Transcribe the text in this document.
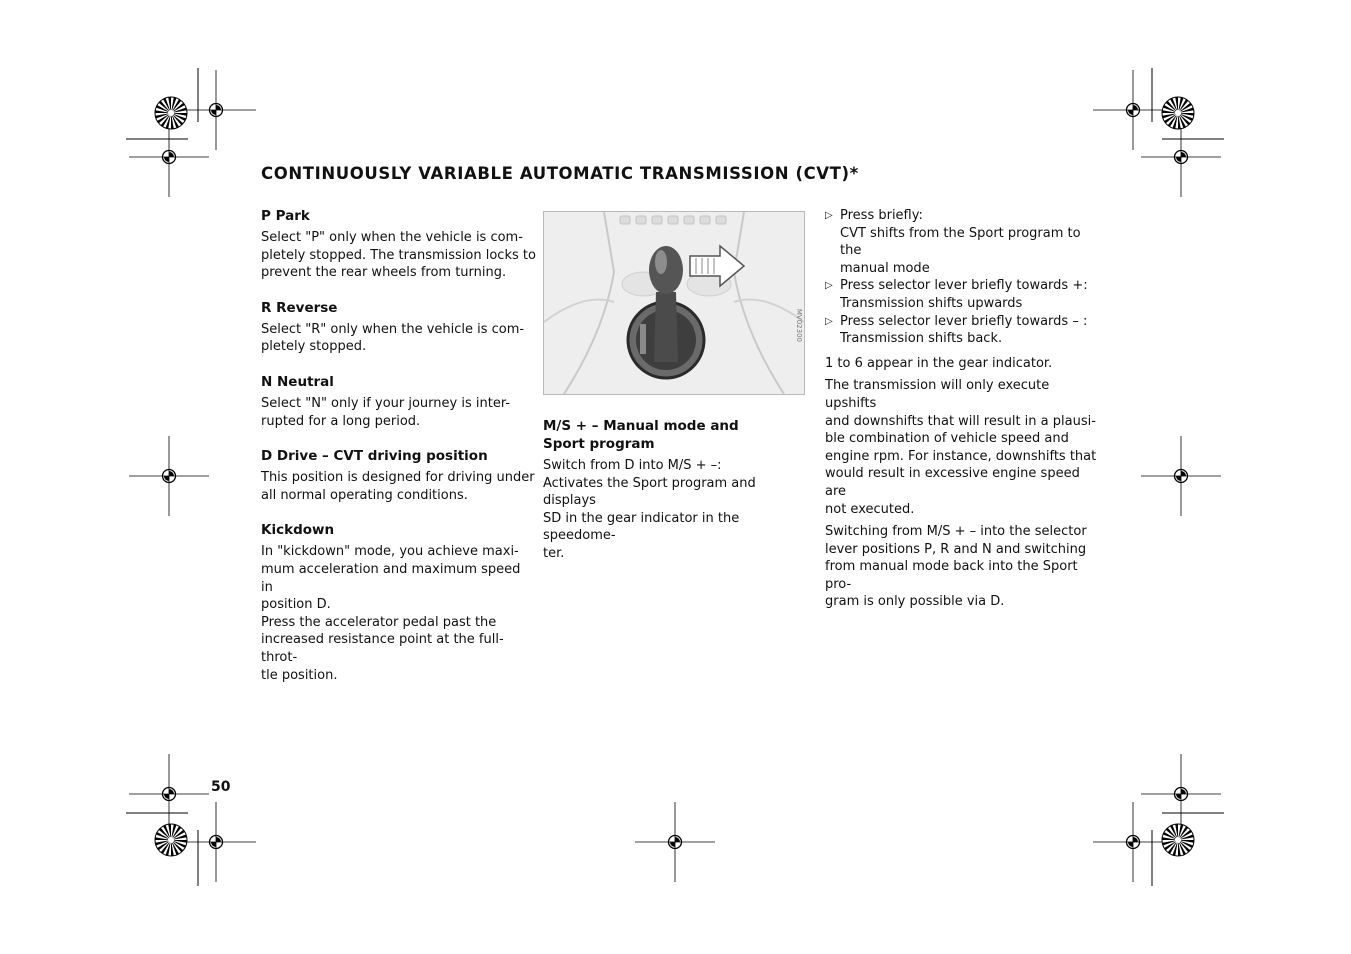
CONTINUOUSLY VARIABLE AUTOMATIC TRANSMISSION (CVT)*
P Park

Select "P" only when the vehicle is com-
pletely stopped. The transmission locks to
prevent the rear wheels from turning.

R Reverse

Select "R" only when the vehicle is com-
pletely stopped.

N Neutral

Select "N" only if your journey is inter-
rupted for a long period.

D Drive – CVT driving position

This position is designed for driving under
all normal operating conditions.

Kickdown

In "kickdown" mode, you achieve maxi-
mum acceleration and maximum speed in
position D.
Press the accelerator pedal past the
increased resistance point at the full-throt-
tle position.

MV02300
M/S + – Manual mode and
Sport program

Switch from D into M/S + –:
Activates the Sport program and displays
SD in the gear indicator in the speedome-
ter.

▷ Press briefly:
CVT shifts from the Sport program to the
manual mode
▷ Press selector lever briefly towards +:
Transmission shifts upwards
▷ Press selector lever briefly towards – :
Transmission shifts back.

1 to 6 appear in the gear indicator.

The transmission will only execute upshifts
and downshifts that will result in a plausi-
ble combination of vehicle speed and
engine rpm. For instance, downshifts that
would result in excessive engine speed are
not executed.

Switching from M/S + – into the selector
lever positions P, R and N and switching
from manual mode back into the Sport pro-
gram is only possible via D.

50
